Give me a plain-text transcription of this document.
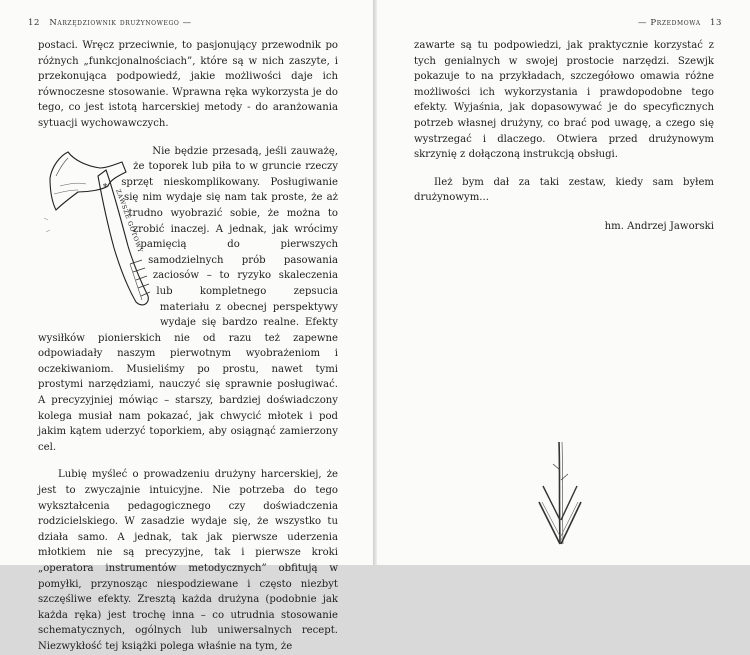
12 Narzędziownik drużynowego —

postaci. Wręcz przeciwnie, to pasjonujący przewodnik po różnych „funkcjonalnościach”, które są w nich zaszyte, i przekonująca podpowiedź, jakie możliwości daje ich równoczesne stosowanie. Wprawna ręka wykorzysta je do tego, co jest istotą harcerskiej metody - do aranżowania sytuacji wychowawczych.

ZAWSZE GOTOWY
⚜

Nie będzie przesadą, jeśli zauważę, że toporek lub piła to w gruncie rzeczy sprzęt nieskomplikowany. Posługiwanie się nim wydaje się nam tak proste, że aż trudno wyobrazić sobie, że można to zrobić inaczej. A jednak, jak wrócimy pamięcią do pierwszych samodzielnych prób pasowania zaciosów – to ryzyko skaleczenia lub kompletnego zepsucia materiału z obecnej perspektywy wydaje się bardzo realne. Efekty wysiłków pionierskich nie od razu też zapewne odpowiadały naszym pierwotnym wyobrażeniom i oczekiwaniom. Musieliśmy po prostu, nawet tymi prostymi narzędziami, nauczyć się sprawnie posługiwać. A precyzyjniej mówiąc – starszy, bardziej doświadczony kolega musiał nam pokazać, jak chwycić młotek i pod jakim kątem uderzyć toporkiem, aby osiągnąć zamierzony cel.

Lubię myśleć o prowadzeniu drużyny harcerskiej, że jest to zwyczajnie intuicyjne. Nie potrzeba do tego wykształcenia pedagogicznego czy doświadczenia rodzicielskiego. W zasadzie wydaje się, że wszystko tu działa samo. A jednak, tak jak pierwsze uderzenia młotkiem nie są precyzyjne, tak i pierwsze kroki „operatora instrumentów metodycznych” obfitują w pomyłki, przynosząc niespodziewane i często niezbyt szczęśliwe efekty. Zresztą każda drużyna (podobnie jak każda ręka) jest trochę inna – co utrudnia stosowanie schematycznych, ogólnych lub uniwersalnych recept. Niezwykłość tej książki polega właśnie na tym, że

— Przedmowa 13

zawarte są tu podpowiedzi, jak praktycznie korzystać z tych genialnych w swojej prostocie narzędzi. Szewjk pokazuje to na przykładach, szczegółowo omawia różne możliwości ich wykorzystania i prawdopodobne tego efekty. Wyjaśnia, jak dopasowywać je do specyficznych potrzeb własnej drużyny, co brać pod uwagę, a czego się wystrzegać i dlaczego. Otwiera przed drużynowym skrzynię z dołączoną instrukcją obsługi.

Ileż bym dał za taki zestaw, kiedy sam byłem drużynowym...

hm. Andrzej Jaworski
